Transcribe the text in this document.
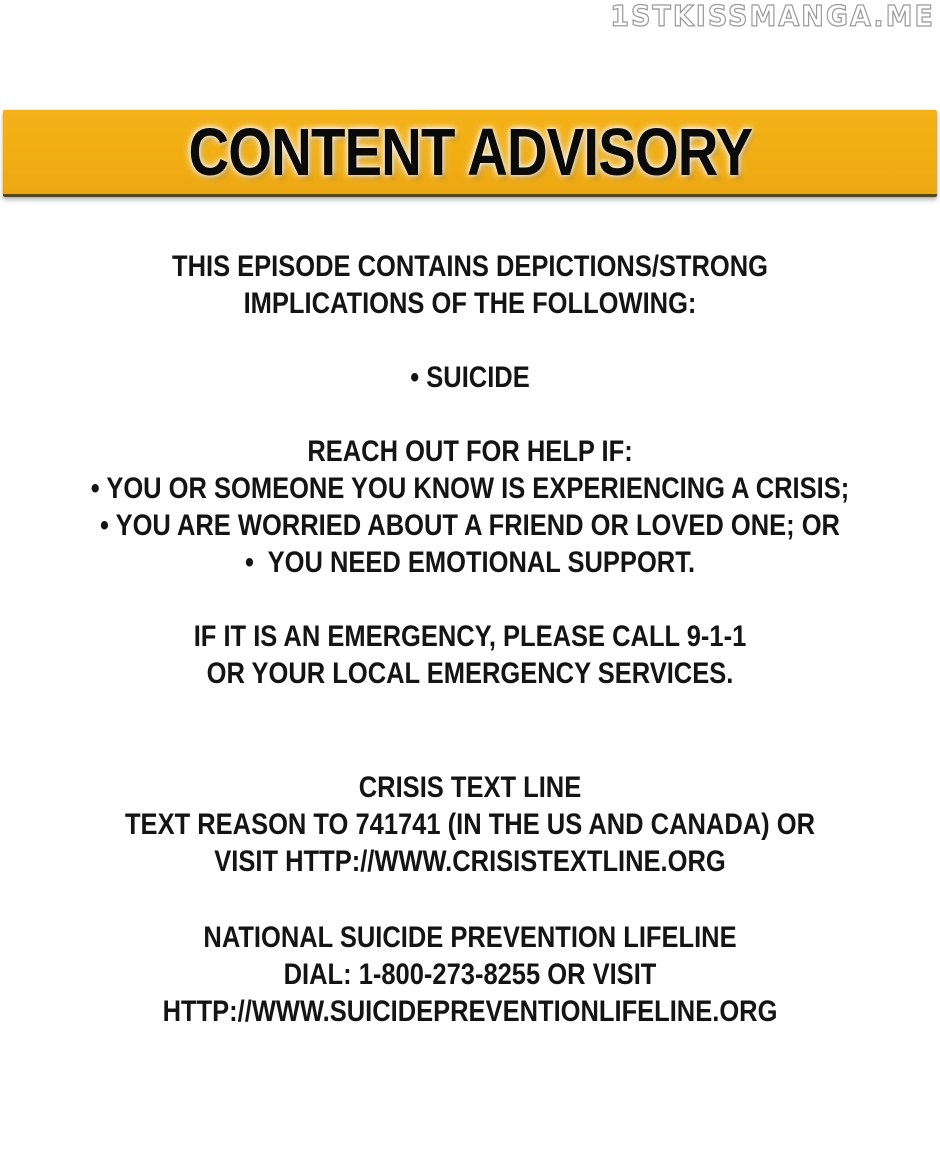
1STKISSMANGA.ME
CONTENT ADVISORY
THIS EPISODE CONTAINS DEPICTIONS/STRONG
IMPLICATIONS OF THE FOLLOWING:
• SUICIDE
REACH OUT FOR HELP IF:
• YOU OR SOMEONE YOU KNOW IS EXPERIENCING A CRISIS;
• YOU ARE WORRIED ABOUT A FRIEND OR LOVED ONE; OR
•  YOU NEED EMOTIONAL SUPPORT.
IF IT IS AN EMERGENCY, PLEASE CALL 9-1-1
OR YOUR LOCAL EMERGENCY SERVICES.
CRISIS TEXT LINE
TEXT REASON TO 741741 (IN THE US AND CANADA) OR
VISIT HTTP://WWW.CRISISTEXTLINE.ORG
NATIONAL SUICIDE PREVENTION LIFELINE
DIAL: 1-800-273-8255 OR VISIT
HTTP://WWW.SUICIDEPREVENTIONLIFELINE.ORG
